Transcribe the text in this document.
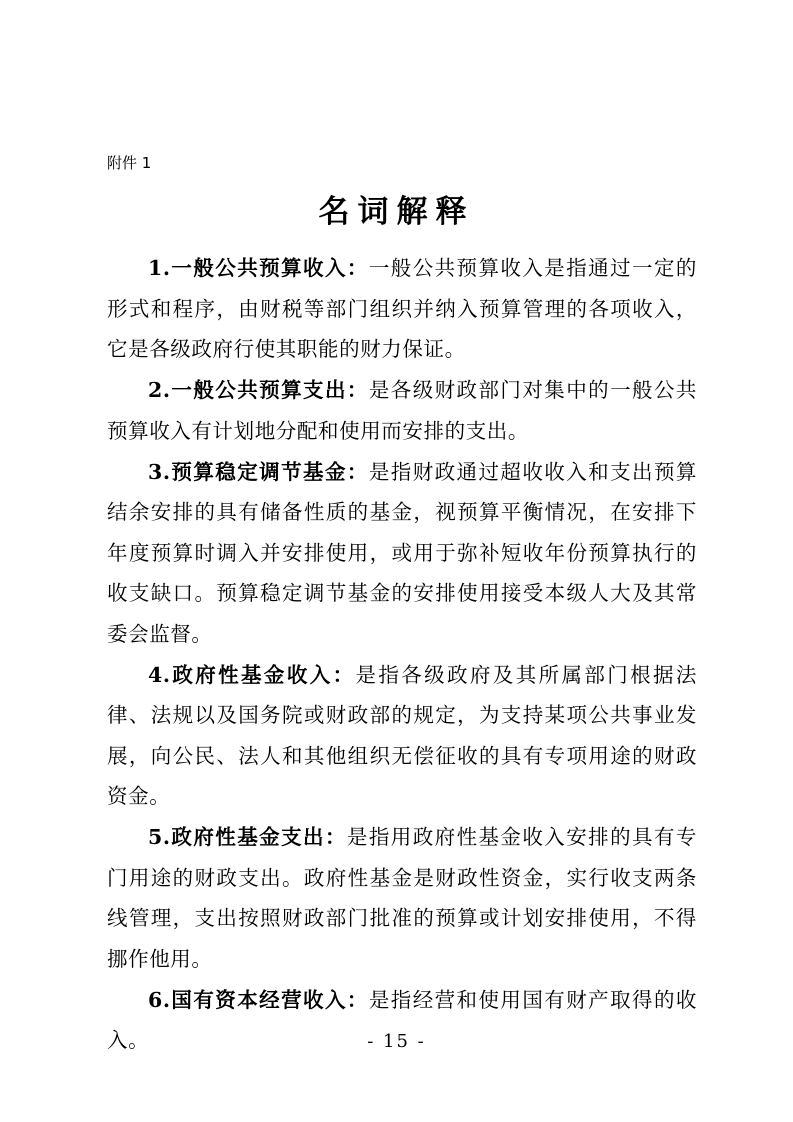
附件 1
名词解释

1.一般公共预算收入：一般公共预算收入是指通过一定的形式和程序，由财税等部门组织并纳入预算管理的各项收入，它是各级政府行使其职能的财力保证。

2.一般公共预算支出：是各级财政部门对集中的一般公共预算收入有计划地分配和使用而安排的支出。

3.预算稳定调节基金：是指财政通过超收收入和支出预算结余安排的具有储备性质的基金，视预算平衡情况，在安排下年度预算时调入并安排使用，或用于弥补短收年份预算执行的收支缺口。预算稳定调节基金的安排使用接受本级人大及其常委会监督。

4.政府性基金收入：是指各级政府及其所属部门根据法律、法规以及国务院或财政部的规定，为支持某项公共事业发展，向公民、法人和其他组织无偿征收的具有专项用途的财政资金。

5.政府性基金支出：是指用政府性基金收入安排的具有专门用途的财政支出。政府性基金是财政性资金，实行收支两条线管理，支出按照财政部门批准的预算或计划安排使用，不得挪作他用。

6.国有资本经营收入：是指经营和使用国有财产取得的收入。	- 15 -
